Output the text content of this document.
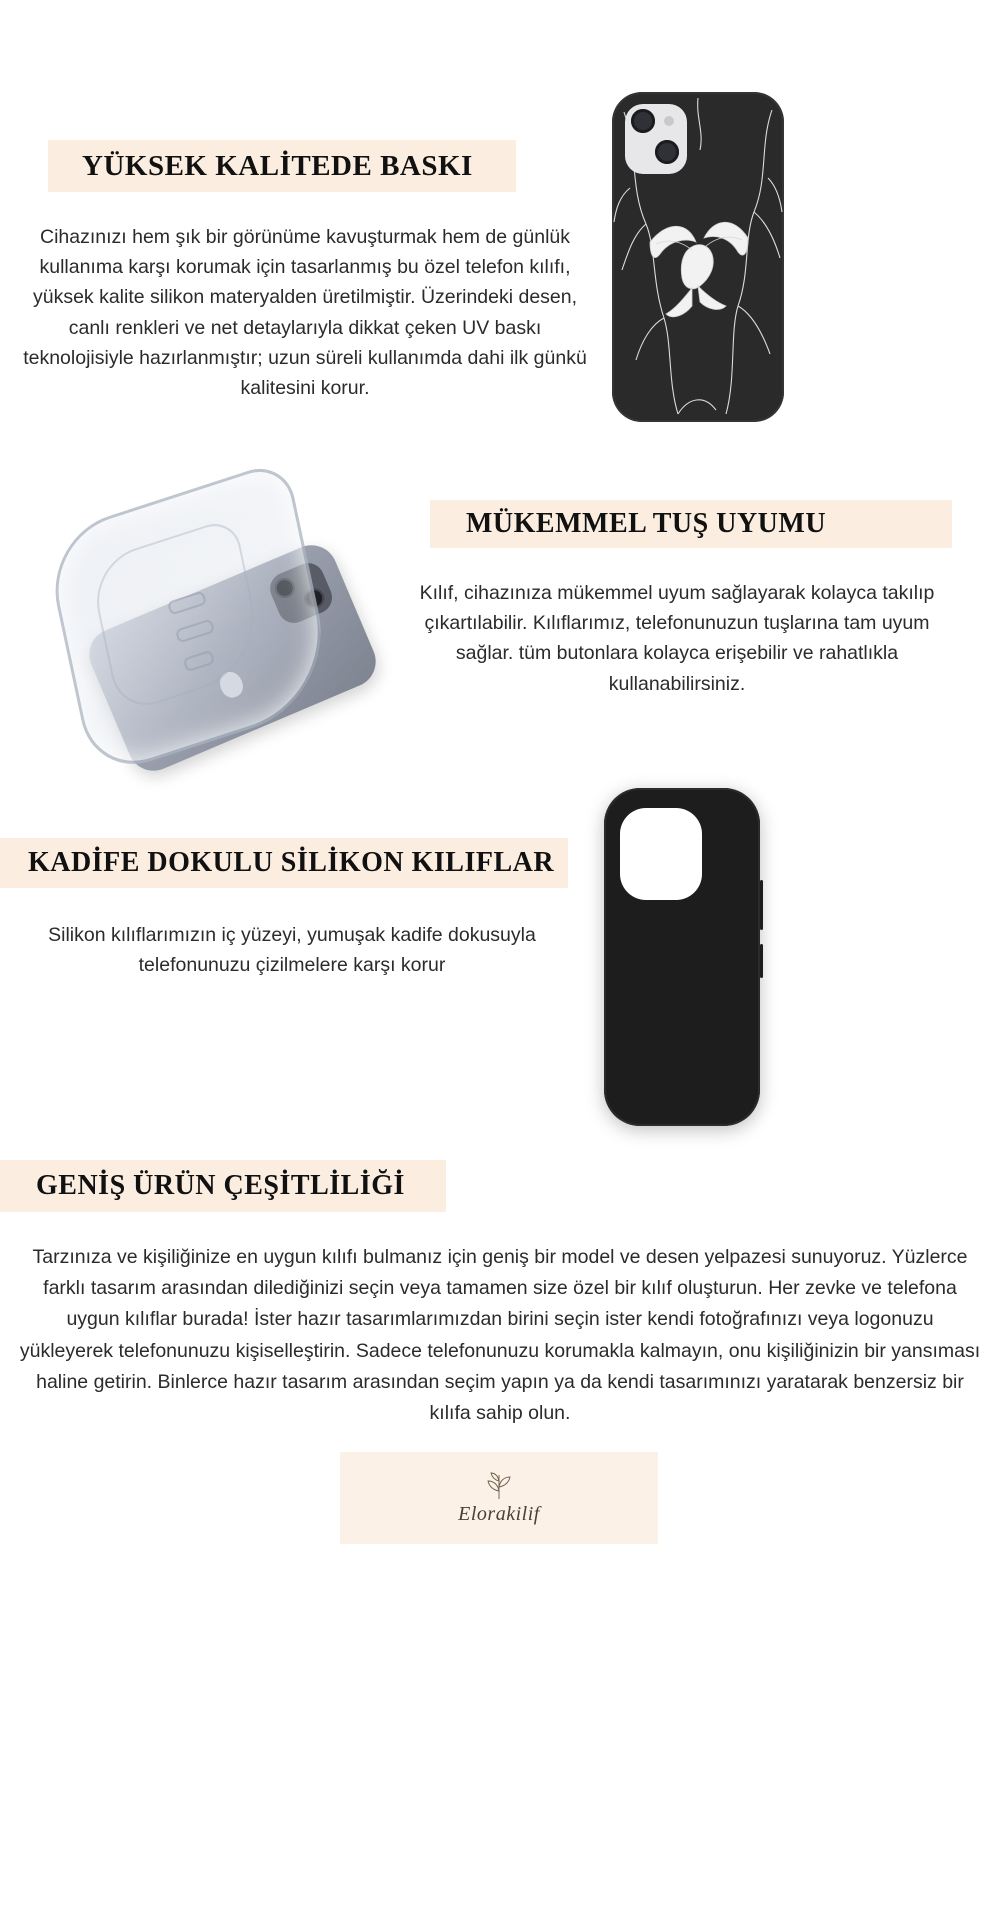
YÜKSEK KALİTEDE BASKI
Cihazınızı hem şık bir görünüme kavuşturmak hem de günlük kullanıma karşı korumak için tasarlanmış bu özel telefon kılıfı, yüksek kalite silikon materyalden üretilmiştir. Üzerindeki desen, canlı renkleri ve net detaylarıyla dikkat çeken UV baskı teknolojisiyle hazırlanmıştır; uzun süreli kullanımda dahi ilk günkü kalitesini korur.
MÜKEMMEL TUŞ UYUMU
Kılıf, cihazınıza mükemmel uyum sağlayarak kolayca takılıp çıkartılabilir. Kılıflarımız, telefonunuzun tuşlarına tam uyum sağlar. tüm butonlara kolayca erişebilir ve rahatlıkla kullanabilirsiniz.
KADİFE DOKULU SİLİKON KILIFLAR
Silikon kılıflarımızın iç yüzeyi, yumuşak kadife dokusuyla telefonunuzu çizilmelere karşı korur
GENİŞ ÜRÜN ÇEŞİTLİLİĞİ
Tarzınıza ve kişiliğinize en uygun kılıfı bulmanız için geniş bir model ve desen yelpazesi sunuyoruz. Yüzlerce farklı tasarım arasından dilediğinizi seçin veya tamamen size özel bir kılıf oluşturun. Her zevke ve telefona uygun kılıflar burada! İster hazır tasarımlarımızdan birini seçin ister kendi fotoğrafınızı veya logonuzu yükleyerek telefonunuzu kişiselleştirin. Sadece telefonunuzu korumakla kalmayın, onu kişiliğinizin bir yansıması haline getirin. Binlerce hazır tasarım arasından seçim yapın ya da kendi tasarımınızı yaratarak benzersiz bir kılıfa sahip olun.
Elorakilif
